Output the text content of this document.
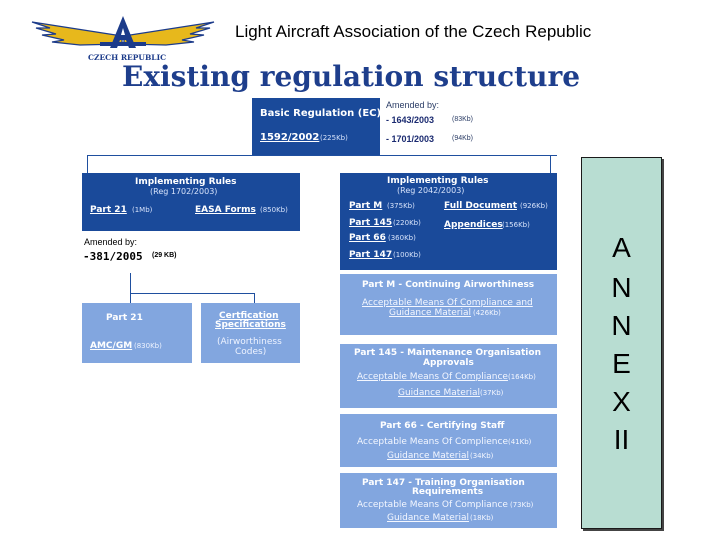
CZECH REPUBLIC
Light Aircraft Association of the Czech Republic
Existing regulation structure
Basic Regulation (EC)
1592/2002 (225Kb)
Amended by:
- 1643/2003	(83Kb)
- 1701/2003	(94Kb)
Implementing Rules
(Reg 1702/2003)
Part 21 (1Mb)	EASA Forms (850Kb)
Amended by:
-381/2005 (29 KB)
Part 21
AMC/GM (830Kb)
Certfication
Specifications
(Airworthiness
Codes)
Implementing Rules
(Reg 2042/2003)
Part M (375Kb)
Part 145 (220Kb)
Part 66 (360Kb)
Part 147 (100Kb)
Full Document (926Kb)
Appendices (156Kb)
Part M - Continuing Airworthiness
Acceptable Means Of Compliance and
Guidance Material (426Kb)
Part 145 - Maintenance Organisation
Approvals
Acceptable Means Of Compliance (164Kb)
Guidance Material (37Kb)
Part 66 - Certifying Staff
Acceptable Means Of Complience (41Kb)
Guidance Material (34Kb)
Part 147 - Training Organisation
Requirements
Acceptable Means Of Compliance (73Kb)
Guidance Material (18Kb)
A
N
N
E
X
II
